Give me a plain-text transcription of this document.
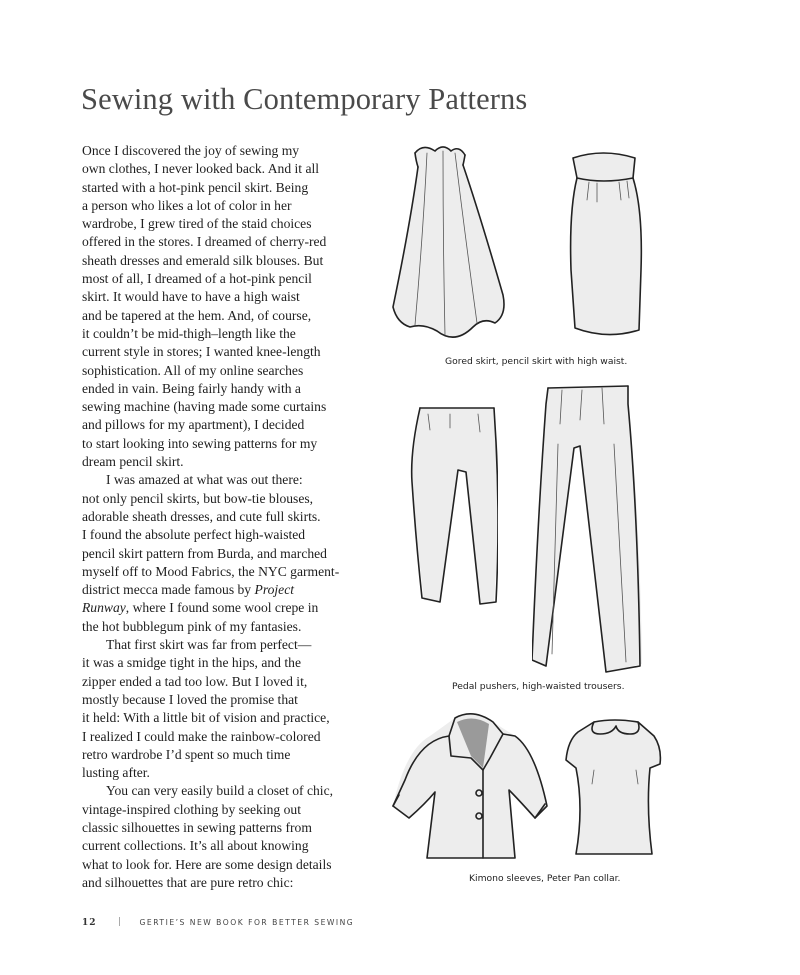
Sewing with Contemporary Patterns
Once I discovered the joy of sewing my
own clothes, I never looked back. And it all
started with a hot-pink pencil skirt. Being
a person who likes a lot of color in her
wardrobe, I grew tired of the staid choices
offered in the stores. I dreamed of cherry-red
sheath dresses and emerald silk blouses. But
most of all, I dreamed of a hot-pink pencil
skirt. It would have to have a high waist
and be tapered at the hem. And, of course,
it couldn’t be mid-thigh–length like the
current style in stores; I wanted knee-length
sophistication. All of my online searches
ended in vain. Being fairly handy with a
sewing machine (having made some curtains
and pillows for my apartment), I decided
to start looking into sewing patterns for my
dream pencil skirt.
I was amazed at what was out there:
not only pencil skirts, but bow-tie blouses,
adorable sheath dresses, and cute full skirts.
I found the absolute perfect high-waisted
pencil skirt pattern from Burda, and marched
myself off to Mood Fabrics, the NYC garment-
district mecca made famous by Project
Runway, where I found some wool crepe in
the hot bubblegum pink of my fantasies.
That first skirt was far from perfect—
it was a smidge tight in the hips, and the
zipper ended a tad too low. But I loved it,
mostly because I loved the promise that
it held: With a little bit of vision and practice,
I realized I could make the rainbow-colored
retro wardrobe I’d spent so much time
lusting after.
You can very easily build a closet of chic,
vintage-inspired clothing by seeking out
classic silhouettes in sewing patterns from
current collections. It’s all about knowing
what to look for. Here are some design details
and silhouettes that are pure retro chic:
Gored skirt, pencil skirt with high waist.
Pedal pushers, high-waisted trousers.
Kimono sleeves, Peter Pan collar.
12	GERTIE’S NEW BOOK FOR BETTER SEWING
